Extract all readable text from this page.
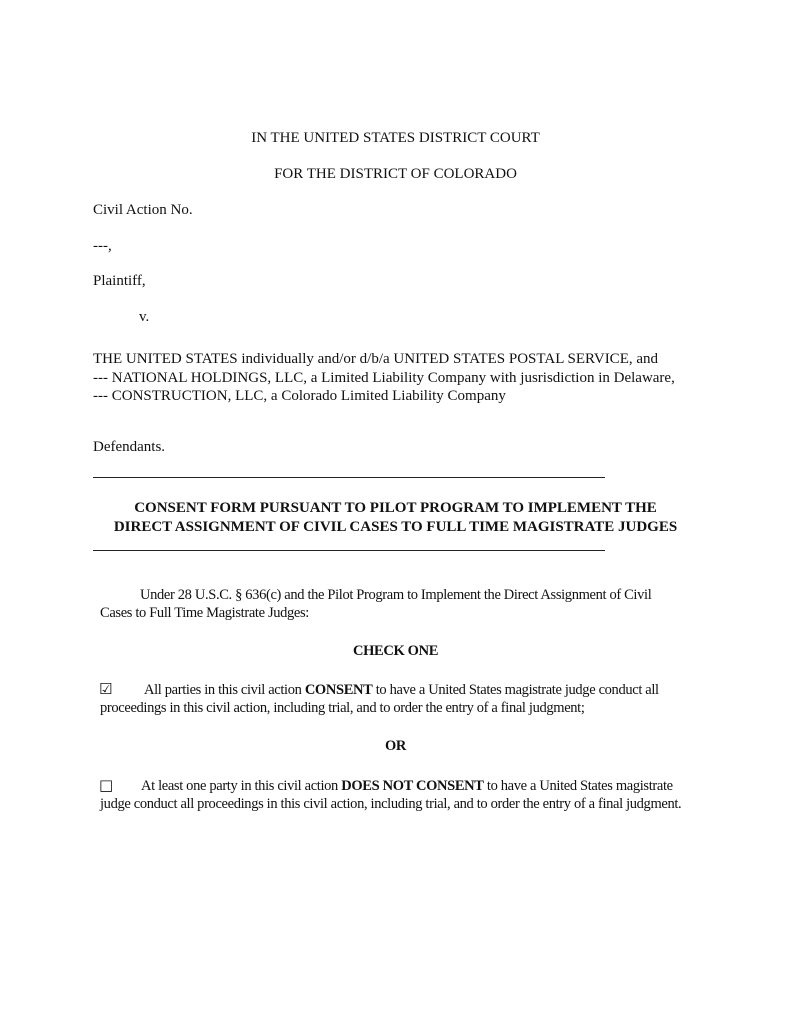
IN THE UNITED STATES DISTRICT COURT
FOR THE DISTRICT OF COLORADO
Civil Action No.
---,
Plaintiff,
v.
THE UNITED STATES individually and/or d/b/a UNITED STATES POSTAL SERVICE, and
--- NATIONAL HOLDINGS, LLC, a Limited Liability Company with jusrisdiction in Delaware,
--- CONSTRUCTION, LLC, a Colorado Limited Liability Company
Defendants.
CONSENT FORM PURSUANT TO PILOT PROGRAM TO IMPLEMENT THE
DIRECT ASSIGNMENT OF CIVIL CASES TO FULL TIME MAGISTRATE JUDGES
Under 28 U.S.C. § 636(c) and the Pilot Program to Implement the Direct Assignment of Civil
Cases to Full Time Magistrate Judges:
CHECK ONE
☑ All parties in this civil action CONSENT to have a United States magistrate judge conduct all
proceedings in this civil action, including trial, and to order the entry of a final judgment;
OR
□ At least one party in this civil action DOES NOT CONSENT to have a United States magistrate
judge conduct all proceedings in this civil action, including trial, and to order the entry of a final judgment.
